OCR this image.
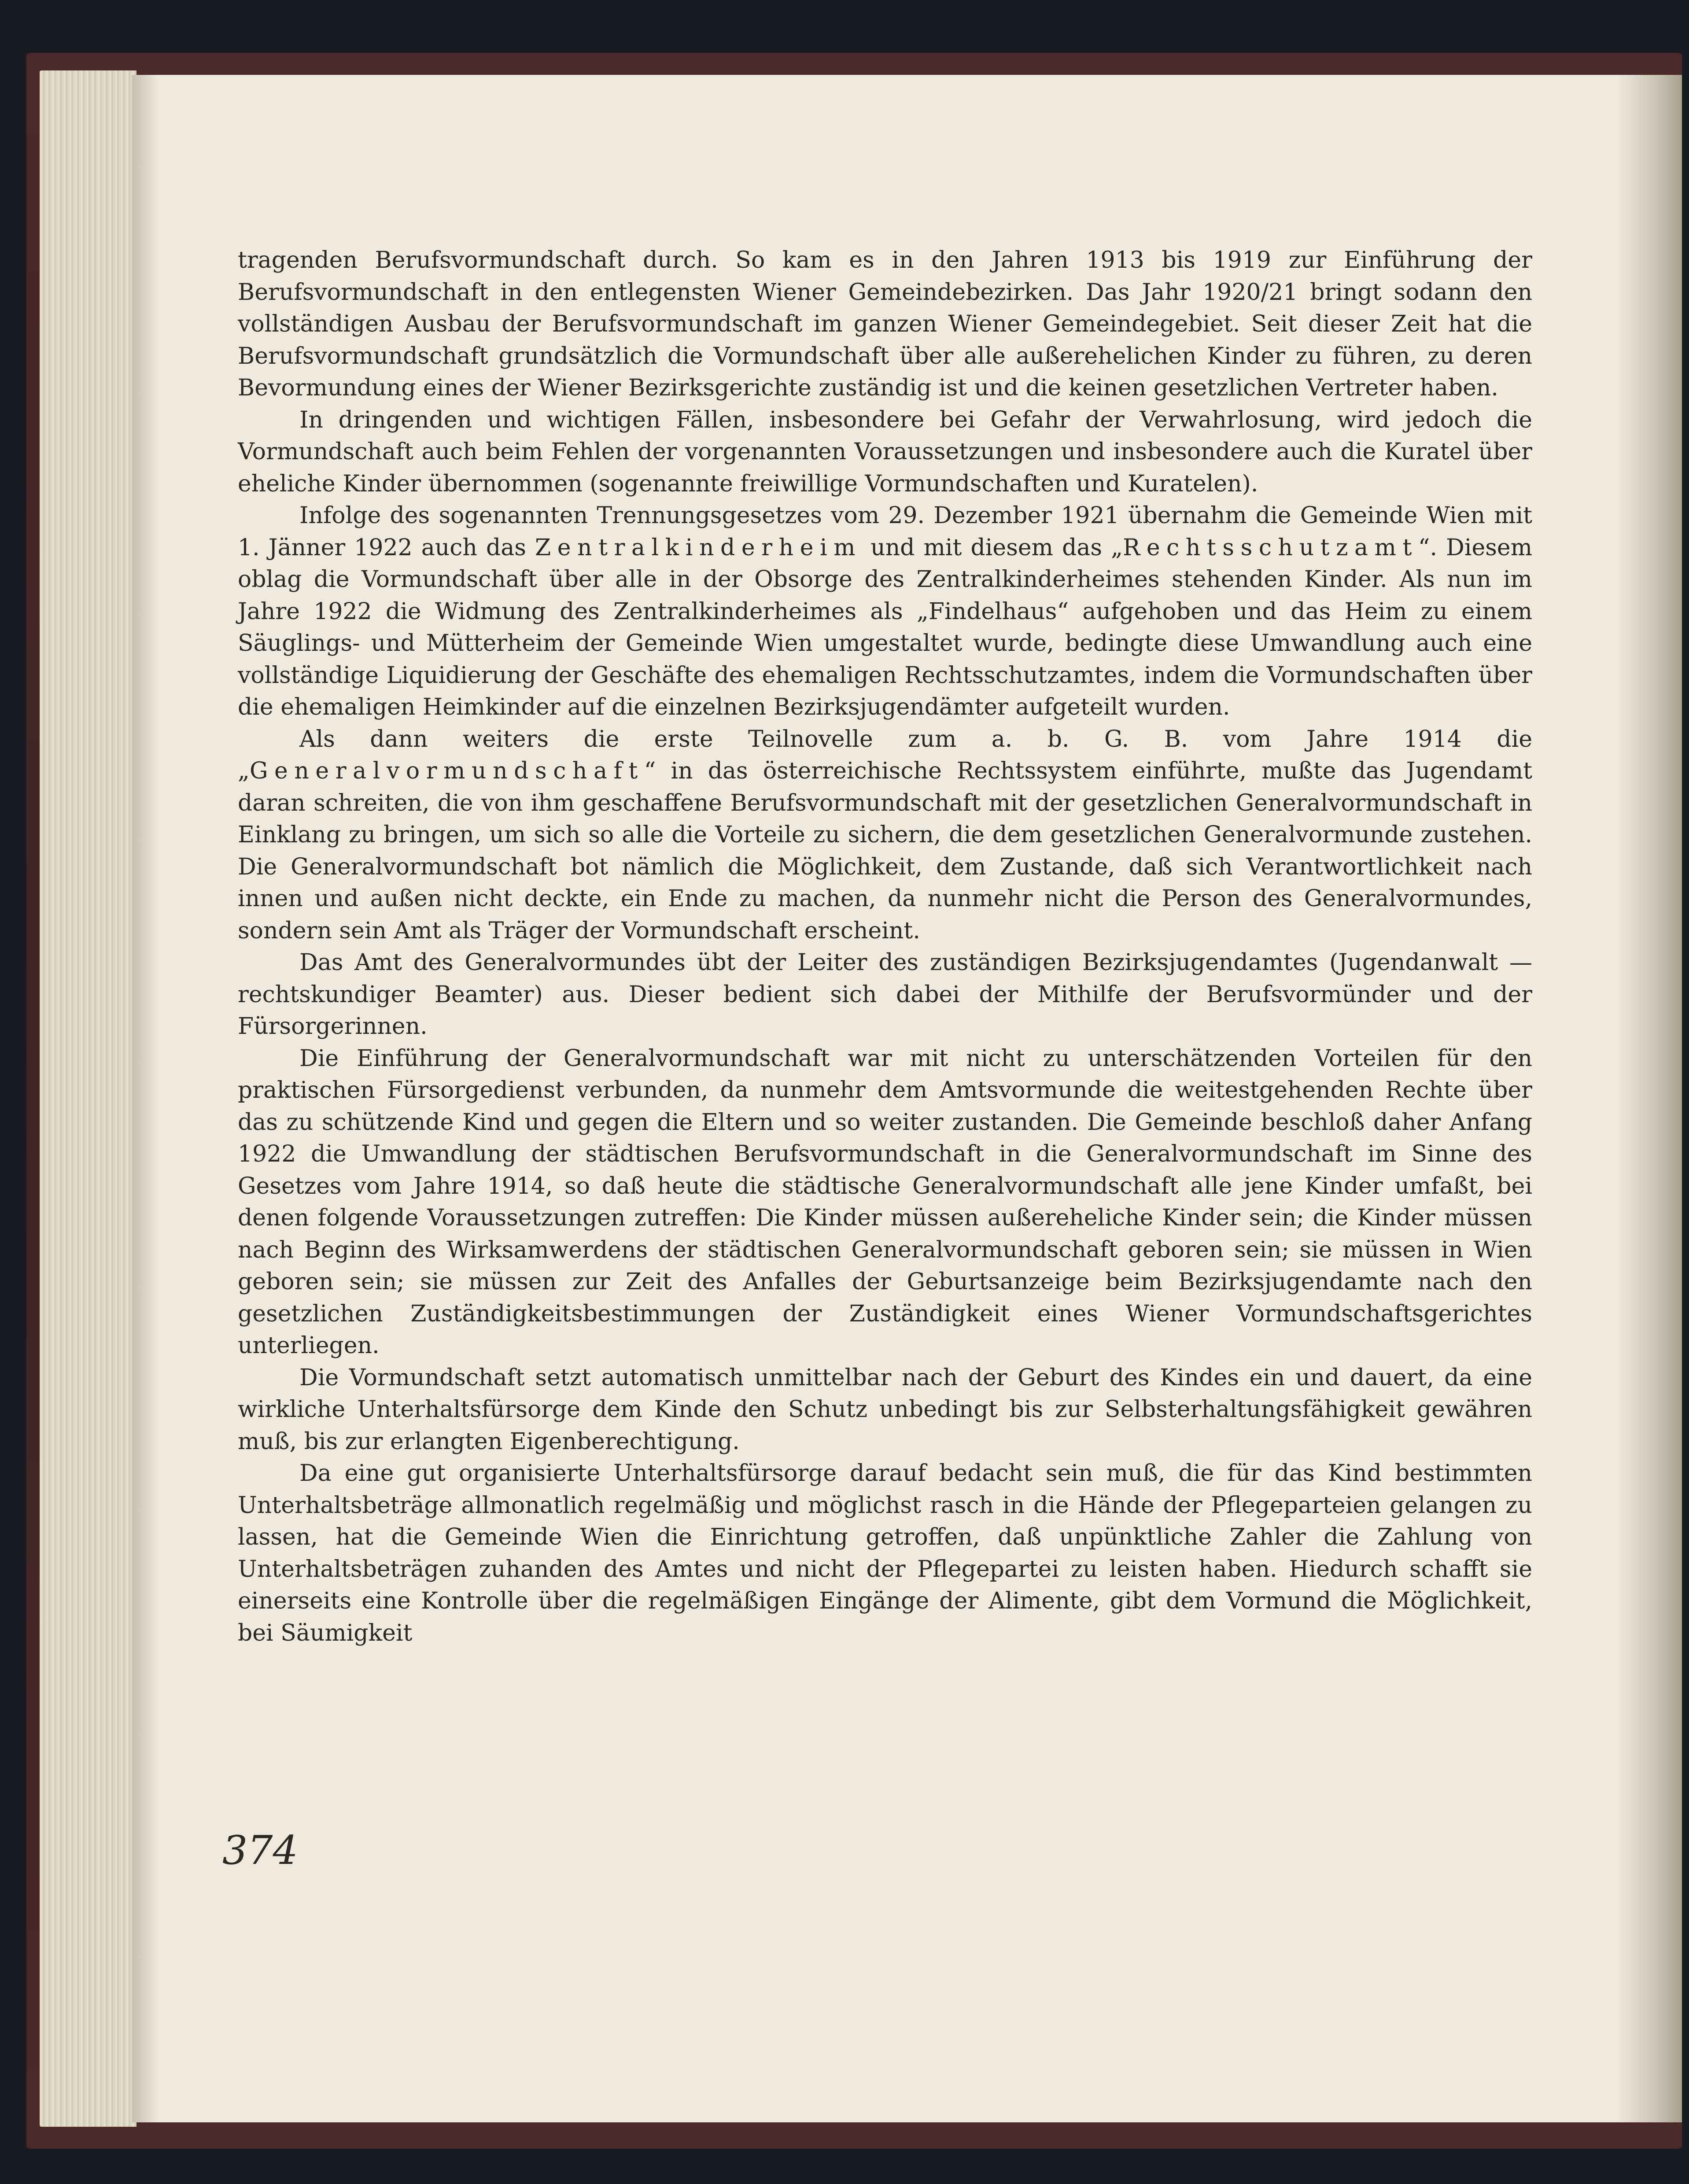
tragenden Berufsvormundschaft durch. So kam es in den Jahren 1913 bis 1919 zur Einführung der Berufsvormundschaft in den entlegensten Wiener Gemeindebezirken. Das Jahr 1920/21 bringt sodann den vollständigen Ausbau der Berufsvormundschaft im ganzen Wiener Gemeindegebiet. Seit dieser Zeit hat die Berufsvormundschaft grundsätzlich die Vormundschaft über alle außerehelichen Kinder zu führen, zu deren Bevormundung eines der Wiener Bezirksgerichte zuständig ist und die keinen gesetzlichen Vertreter haben.

In dringenden und wichtigen Fällen, insbesondere bei Gefahr der Verwahrlosung, wird jedoch die Vormundschaft auch beim Fehlen der vorgenannten Voraussetzungen und insbesondere auch die Kuratel über eheliche Kinder übernommen (sogenannte freiwillige Vormundschaften und Kuratelen).

Infolge des sogenannten Trennungsgesetzes vom 29. Dezember 1921 übernahm die Gemeinde Wien mit 1. Jänner 1922 auch das Zentralkinderheim und mit diesem das „Rechtsschutzamt“. Diesem oblag die Vormundschaft über alle in der Obsorge des Zentralkinderheimes stehenden Kinder. Als nun im Jahre 1922 die Widmung des Zentralkinderheimes als „Findelhaus“ aufgehoben und das Heim zu einem Säuglings- und Mütterheim der Gemeinde Wien umgestaltet wurde, bedingte diese Umwandlung auch eine vollständige Liquidierung der Geschäfte des ehemaligen Rechtsschutzamtes, indem die Vormundschaften über die ehemaligen Heimkinder auf die einzelnen Bezirksjugendämter aufgeteilt wurden.

Als dann weiters die erste Teilnovelle zum a. b. G. B. vom Jahre 1914 die „Generalvormundschaft“ in das österreichische Rechtssystem einführte, mußte das Jugendamt daran schreiten, die von ihm geschaffene Berufsvormundschaft mit der gesetzlichen Generalvormundschaft in Einklang zu bringen, um sich so alle die Vorteile zu sichern, die dem gesetzlichen Generalvormunde zustehen. Die Generalvormundschaft bot nämlich die Möglichkeit, dem Zustande, daß sich Verantwortlichkeit nach innen und außen nicht deckte, ein Ende zu machen, da nunmehr nicht die Person des Generalvormundes, sondern sein Amt als Träger der Vormundschaft erscheint.

Das Amt des Generalvormundes übt der Leiter des zuständigen Bezirksjugendamtes (Jugendanwalt — rechtskundiger Beamter) aus. Dieser bedient sich dabei der Mithilfe der Berufsvormünder und der Fürsorgerinnen.

Die Einführung der Generalvormundschaft war mit nicht zu unterschätzenden Vorteilen für den praktischen Fürsorgedienst verbunden, da nunmehr dem Amtsvormunde die weitestgehenden Rechte über das zu schützende Kind und gegen die Eltern und so weiter zustanden. Die Gemeinde beschloß daher Anfang 1922 die Umwandlung der städtischen Berufsvormundschaft in die Generalvormundschaft im Sinne des Gesetzes vom Jahre 1914, so daß heute die städtische Generalvormundschaft alle jene Kinder umfaßt, bei denen folgende Voraussetzungen zutreffen: Die Kinder müssen außereheliche Kinder sein; die Kinder müssen nach Beginn des Wirksamwerdens der städtischen Generalvormundschaft geboren sein; sie müssen in Wien geboren sein; sie müssen zur Zeit des Anfalles der Geburtsanzeige beim Bezirksjugendamte nach den gesetzlichen Zuständigkeitsbestimmungen der Zuständigkeit eines Wiener Vormundschaftsgerichtes unterliegen.

Die Vormundschaft setzt automatisch unmittelbar nach der Geburt des Kindes ein und dauert, da eine wirkliche Unterhaltsfürsorge dem Kinde den Schutz unbedingt bis zur Selbsterhaltungsfähigkeit gewähren muß, bis zur erlangten Eigenberechtigung.

Da eine gut organisierte Unterhaltsfürsorge darauf bedacht sein muß, die für das Kind bestimmten Unterhaltsbeträge allmonatlich regelmäßig und möglichst rasch in die Hände der Pflegeparteien gelangen zu lassen, hat die Gemeinde Wien die Einrichtung getroffen, daß unpünktliche Zahler die Zahlung von Unterhaltsbeträgen zuhanden des Amtes und nicht der Pflegepartei zu leisten haben. Hiedurch schafft sie einerseits eine Kontrolle über die regelmäßigen Eingänge der Alimente, gibt dem Vormund die Möglichkeit, bei Säumigkeit

374
